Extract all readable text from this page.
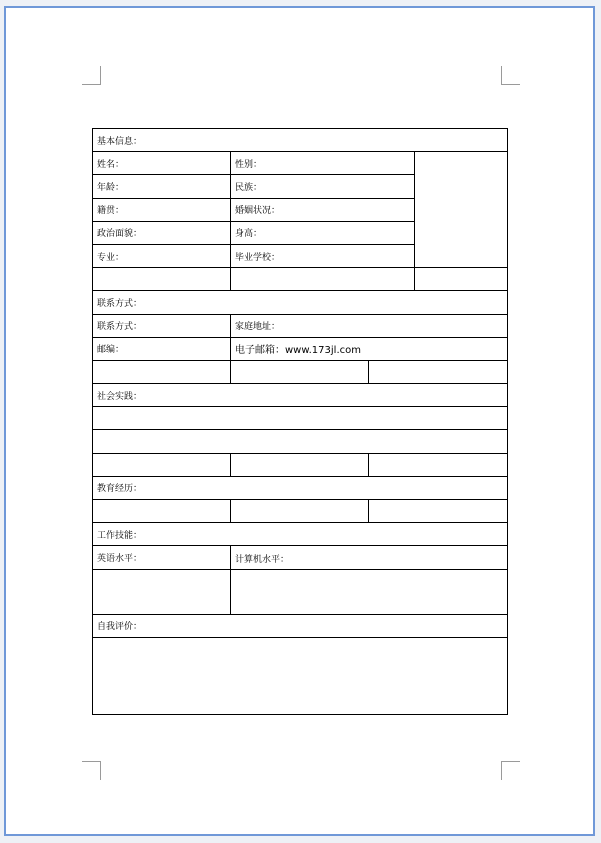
基本信息：			
姓名：	性别：		
年龄：	民族：		
籍贯：	婚姻状况：		
政治面貌：	身高：		
专业：	毕业学校：		

联系方式：			
联系方式：	家庭地址：		
邮编：	电子邮箱：www.173jl.com		

社会实践：			

教育经历：			

工作技能：			
英语水平：	计算机水平：		

自我评价：			
